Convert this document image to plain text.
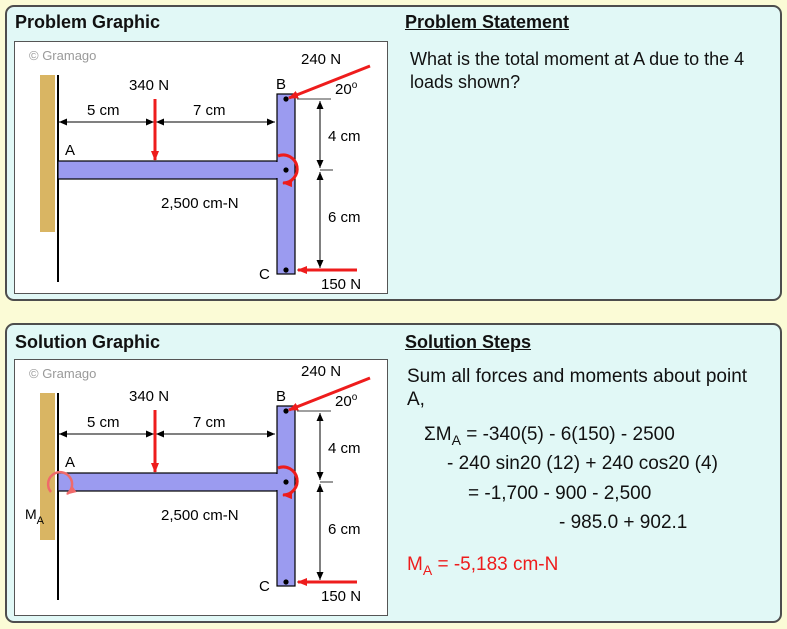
Problem Graphic	Problem Statement
What is the total moment at A due to the 4 loads shown?
© Gramago
A
B
C
5 cm	7 cm
340 N
4 cm
6 cm
240 N
20$^o$
2,500 cm-N
150 N
Solution Graphic	Solution Steps
Sum all forces and moments about point A,
$\Sigma M_A = -340(5) - 6(150) - 2500$
- 240 sin20 (12) + 240 cos20 (4)
= -1,700 - 900 - 2,500
- 985.0 + 902.1
$M_A = -5,183$ cm-N
© Gramago
A
B
C
$M_A$
5 cm	7 cm
340 N
4 cm
6 cm
240 N
20$^o$
2,500 cm-N
150 N
